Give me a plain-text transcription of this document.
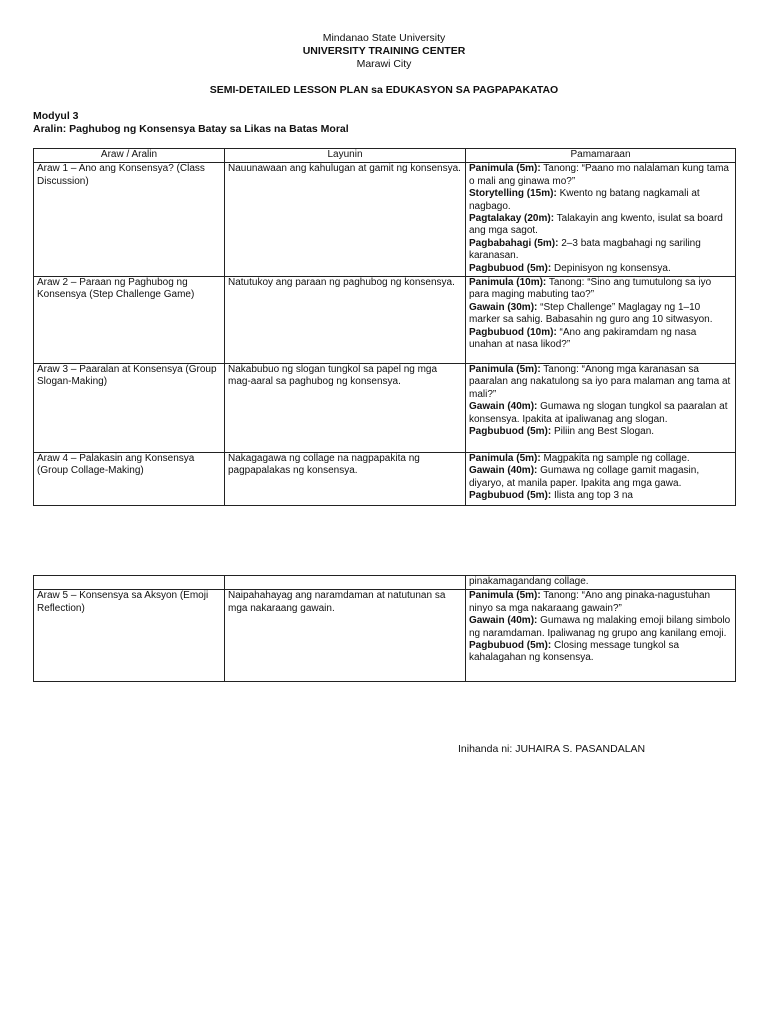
Mindanao State University
UNIVERSITY TRAINING CENTER
Marawi City
SEMI-DETAILED LESSON PLAN sa EDUKASYON SA PAGPAPAKATAO
Modyul 3
Aralin: Paghubog ng Konsensya Batay sa Likas na Batas Moral
Araw / Aralin	Layunin	Pamamaraan
Araw 1 – Ano ang Konsensya? (Class Discussion)	Nauunawaan ang kahulugan at gamit ng konsensya.	Panimula (5m): Tanong: “Paano mo nalalaman kung tama o mali ang ginawa mo?”
Storytelling (15m): Kwento ng batang nagkamali at nagbago.
Pagtalakay (20m): Talakayin ang kwento, isulat sa board ang mga sagot.
Pagbabahagi (5m): 2–3 bata magbahagi ng sariling karanasan.
Pagbubuod (5m): Depinisyon ng konsensya.

Araw 2 – Paraan ng Paghubog ng Konsensya (Step Challenge Game)	Natutukoy ang paraan ng paghubog ng konsensya.	Panimula (10m): Tanong: “Sino ang tumutulong sa iyo para maging mabuting tao?”
Gawain (30m): “Step Challenge” Maglagay ng 1–10 marker sa sahig. Babasahin ng guro ang 10 sitwasyon.
Pagbubuod (10m): “Ano ang pakiramdam ng nasa unahan at nasa likod?”

Araw 3 – Paaralan at Konsensya (Group Slogan-Making)	Nakabubuo ng slogan tungkol sa papel ng mga mag-aaral sa paghubog ng konsensya.	Panimula (5m): Tanong: “Anong mga karanasan sa paaralan ang nakatulong sa iyo para malaman ang tama at mali?”
Gawain (40m): Gumawa ng slogan tungkol sa paaralan at konsensya. Ipakita at ipaliwanag ang slogan.
Pagbubuod (5m): Piliin ang Best Slogan.

Araw 4 – Palakasin ang Konsensya (Group Collage-Making)	Nakagagawa ng collage na nagpapakita ng pagpapalakas ng konsensya.	Panimula (5m): Magpakita ng sample ng collage.
Gawain (40m): Gumawa ng collage gamit magasin, diyaryo, at manila paper. Ipakita ang mga gawa.
Pagbubuod (5m): Ilista ang top 3 na
		pinakamagandang collage.
Araw 5 – Konsensya sa Aksyon (Emoji Reflection)	Naipahahayag ang naramdaman at natutunan sa mga nakaraang gawain.	Panimula (5m): Tanong: “Ano ang pinaka-nagustuhan ninyo sa mga nakaraang gawain?”
Gawain (40m): Gumawa ng malaking emoji bilang simbolo ng naramdaman. Ipaliwanag ng grupo ang kanilang emoji.
Pagbubuod (5m): Closing message tungkol sa kahalagahan ng konsensya.
Inihanda ni: JUHAIRA S. PASANDALAN
